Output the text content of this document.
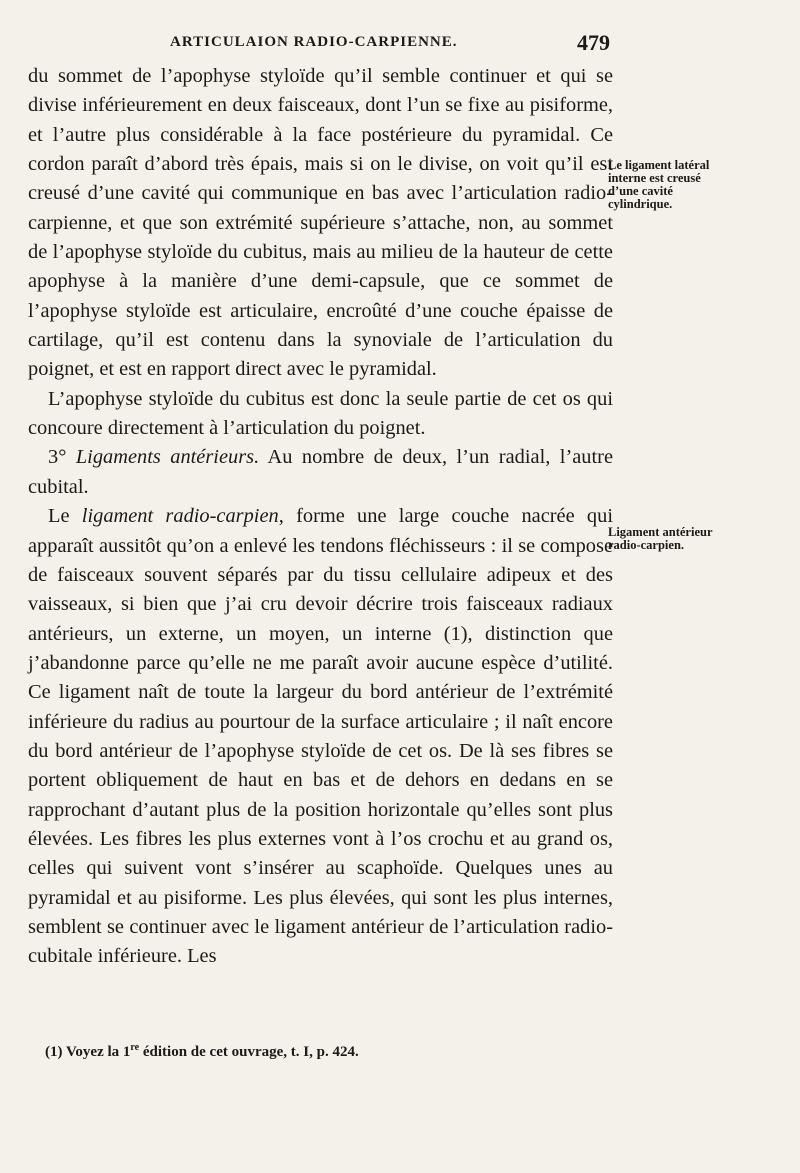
ARTICULAION RADIO-CARPIENNE.	479

du sommet de l’apophyse styloïde qu’il semble continuer et qui se divise inférieurement en deux faisceaux, dont l’un se fixe au pisiforme, et l’autre plus considérable à la face postérieure du pyramidal. Ce cordon paraît d’abord très épais, mais si on le divise, on voit qu’il est creusé d’une cavité qui communique en bas avec l’articulation radio-carpienne, et que son extrémité supérieure s’attache, non, au sommet de l’apophyse styloïde du cubitus, mais au milieu de la hauteur de cette apophyse à la manière d’une demi-capsule, que ce sommet de l’apophyse styloïde est articulaire, encroûté d’une couche épaisse de cartilage, qu’il est contenu dans la synoviale de l’articulation du poignet, et est en rapport direct avec le pyramidal.

L’apophyse styloïde du cubitus est donc la seule partie de cet os qui concoure directement à l’articulation du poignet.

3° Ligaments antérieurs. Au nombre de deux, l’un radial, l’autre cubital.

Le ligament radio-carpien, forme une large couche nacrée qui apparaît aussitôt qu’on a enlevé les tendons fléchisseurs : il se compose de faisceaux souvent séparés par du tissu cellulaire adipeux et des vaisseaux, si bien que j’ai cru devoir décrire trois faisceaux radiaux antérieurs, un externe, un moyen, un interne (1), distinction que j’abandonne parce qu’elle ne me paraît avoir aucune espèce d’utilité. Ce ligament naît de toute la largeur du bord antérieur de l’extrémité inférieure du radius au pourtour de la surface articulaire ; il naît encore du bord antérieur de l’apophyse styloïde de cet os. De là ses fibres se portent obliquement de haut en bas et de dehors en dedans en se rapprochant d’autant plus de la position horizontale qu’elles sont plus élevées. Les fibres les plus externes vont à l’os crochu et au grand os, celles qui suivent vont s’insérer au scaphoïde. Quelques unes au pyramidal et au pisiforme. Les plus élevées, qui sont les plus internes, semblent se continuer avec le ligament antérieur de l’articulation radio-cubitale inférieure. Les

Le ligament latéral interne est creusé d’une cavité cylindrique.
Ligament antérieur radio-carpien.
(1) Voyez la 1re édition de cet ouvrage, t. I, p. 424.
